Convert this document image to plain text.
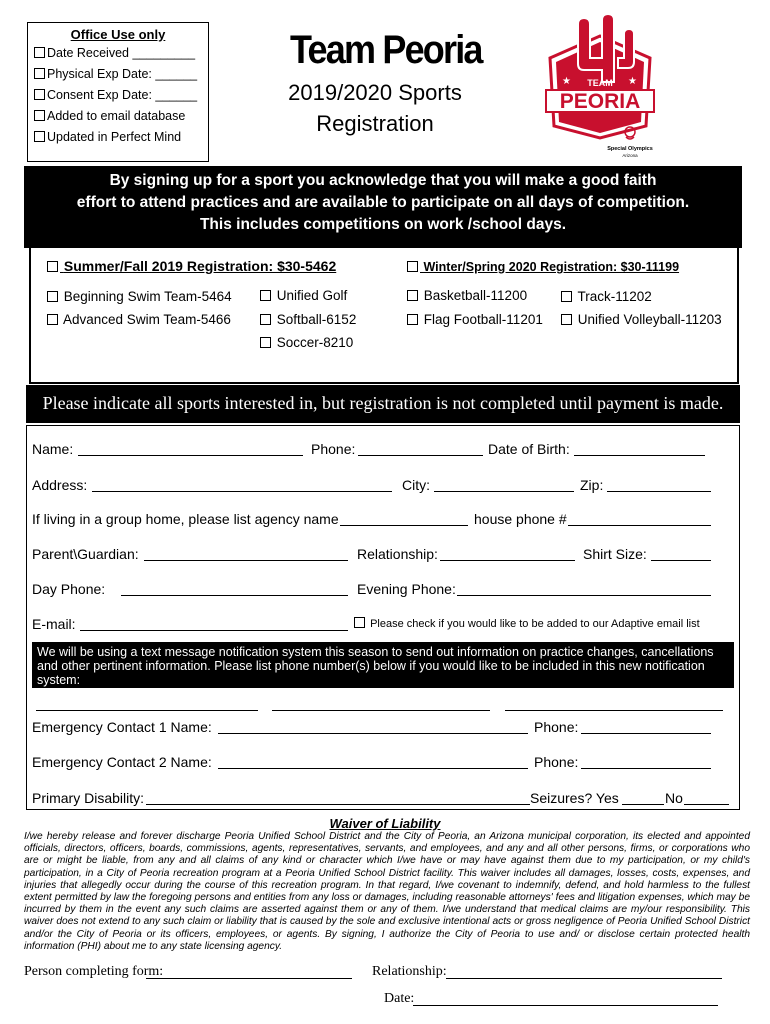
Office Use only
Date Received _________
Physical Exp Date: ______
Consent Exp Date: ______
Added to email database
Updated in Perfect Mind
Team Peoria
2019/2020 Sports
Registration
★	★
TEAM
PEORIA
Special Olympics
Arizona
By signing up for a sport you acknowledge that you will make a good faith
effort to attend practices and are available to participate on all days of competition.
This includes competitions on work /school days.
Summer/Fall 2019 Registration: $30-5462	Winter/Spring 2020 Registration: $30-11199
Beginning Swim Team-5464
Advanced Swim Team-5466
Unified Golf
Softball-6152
Soccer-8210
Basketball-11200
Flag Football-11201
Track-11202
Unified Volleyball-11203
Please indicate all sports interested in, but registration is not completed until payment is made.
Name:	Phone:	Date of Birth:
Address:	City:	Zip:
If living in a group home, please list agency name	house phone #
Parent\Guardian:	Relationship:	Shirt Size:
Day Phone:	Evening Phone:
E-mail:	Please check if you would like to be added to our Adaptive email list
We will be using a text message notification system this season to send out information on practice changes, cancellations and other pertinent information. Please list phone number(s) below if you would like to be included in this new notification system:
Emergency Contact 1 Name:	Phone:
Emergency Contact 2 Name:	Phone:
Primary Disability:	Seizures? Yes	No
Waiver of Liability
I/we hereby release and forever discharge Peoria Unified School District and the City of Peoria, an Arizona municipal corporation, its elected and appointed officials, directors, officers, boards, commissions, agents, representatives, servants, and employees, and any and all other persons, firms, or corporations who are or might be liable, from any and all claims of any kind or character which I/we have or may have against them due to my participation, or my child's participation, in a City of Peoria recreation program at a Peoria Unified School District facility. This waiver includes all damages, losses, costs, expenses, and injuries that allegedly occur during the course of this recreation program. In that regard, I/we covenant to indemnify, defend, and hold harmless to the fullest extent permitted by law the foregoing persons and entities from any loss or damages, including reasonable attorneys' fees and litigation expenses, which may be incurred by them in the event any such claims are asserted against them or any of them. I/we understand that medical claims are my/our responsibility. This waiver does not extend to any such claim or liability that is caused by the sole and exclusive intentional acts or gross negligence of Peoria Unified School District and/or the City of Peoria or its officers, employees, or agents. By signing, I authorize the City of Peoria to use and/ or disclose certain protected health information (PHI) about me to any state licensing agency.
Person completing form:	Relationship:
Date:
